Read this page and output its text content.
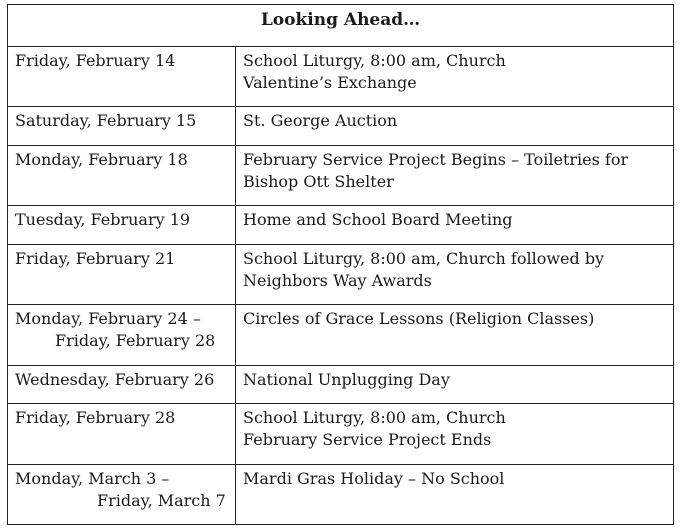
Looking Ahead…	

Friday, February 14	School Liturgy, 8:00 am, Church
Valentine’s Exchange

Saturday, February 15	St. George Auction

Monday, February 18	February Service Project Begins – Toiletries for
Bishop Ott Shelter

Tuesday, February 19	Home and School Board Meeting

Friday, February 21	School Liturgy, 8:00 am, Church followed by
Neighbors Way Awards

Monday, February 24 –
Friday, February 28	Circles of Grace Lessons (Religion Classes)

Wednesday, February 26	National Unplugging Day

Friday, February 28	School Liturgy, 8:00 am, Church
February Service Project Ends

Monday, March 3 –
Friday, March 7	Mardi Gras Holiday – No School
